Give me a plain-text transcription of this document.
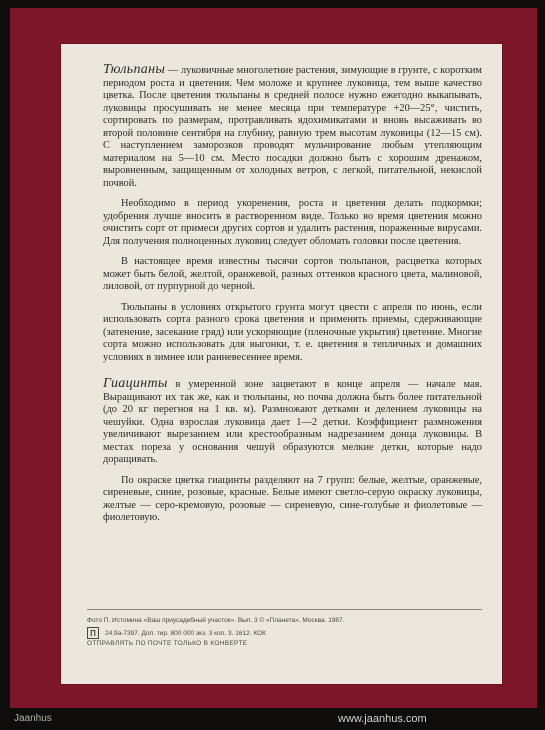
Тюльпаны — луковичные многолетние растения, зимующие в грунте, с коротким периодом роста и цветения. Чем моложе и крупнее луковица, тем выше качество цветка. После цветения тюльпаны в средней полосе нужно ежегодно выкапывать, луковицы просушивать не менее месяца при температуре +20—25°, чистить, сортировать по размерам, протравливать ядохимикатами и вновь высаживать во второй половине сентября на глубину, равную трем высотам луковицы (12—15 см). С наступлением заморозков проводят мульчирование любым утепляющим материалом на 5—10 см. Место посадки должно быть с хорошим дренажом, выровненным, защищенным от холодных ветров, с легкой, питательной, некислой почвой.

Необходимо в период укоренения, роста и цветения делать подкормки; удобрения лучше вносить в растворенном виде. Только во время цветения можно очистить сорт от примеси других сортов и удалить растения, пораженные вирусами. Для получения полноценных луковиц следует обломать головки после цветения.

В настоящее время известны тысячи сортов тюльпанов, расцветка которых может быть белой, желтой, оранжевой, разных оттенков красного цвета, малиновой, лиловой, от пурпурной до черной.

Тюльпаны в условиях открытого грунта могут цвести с апреля по июнь, если использовать сорта разного срока цветения и применять приемы, сдерживающие (затенение, засекание гряд) или ускоряющие (пленочные укрытия) цветение. Многие сорта можно использовать для выгонки, т. е. цветения в тепличных и домашних условиях в зимнее или ранневесеннее время.

Гиацинты в умеренной зоне зацветают в конце апреля — начале мая. Выращивают их так же, как и тюльпаны, но почва должна быть более питательной (до 20 кг перегноя на 1 кв. м). Размножают детками и делением луковицы на чешуйки. Одна взрослая луковица дает 1—2 детки. Коэффициент размножения увеличивают вырезанием или крестообразным надрезанием донца луковицы. В местах пореза у основания чешуй образуются мелкие детки, которые надо доращивать.

По окраске цветка гиацинты разделяют на 7 групп: белые, желтые, оранжевые, сиреневые, синие, розовые, красные. Белые имеют светло-серую окраску луковицы, желтые — серо-кремовую, розовые — сиреневую, сине-голубые и фиолетовые — фиолетовую.

Фото П. Истомина «Ваш приусадебный участок». Вып. 3 © «Планета». Москва. 1987.
П	24.9а-7397. Доп. тир. 800 000 экз. 3 коп. З. 1612. КОК
ОТПРАВЛЯТЬ ПО ПОЧТЕ ТОЛЬКО В КОНВЕРТЕ
Jaanhus	www.jaanhus.com
